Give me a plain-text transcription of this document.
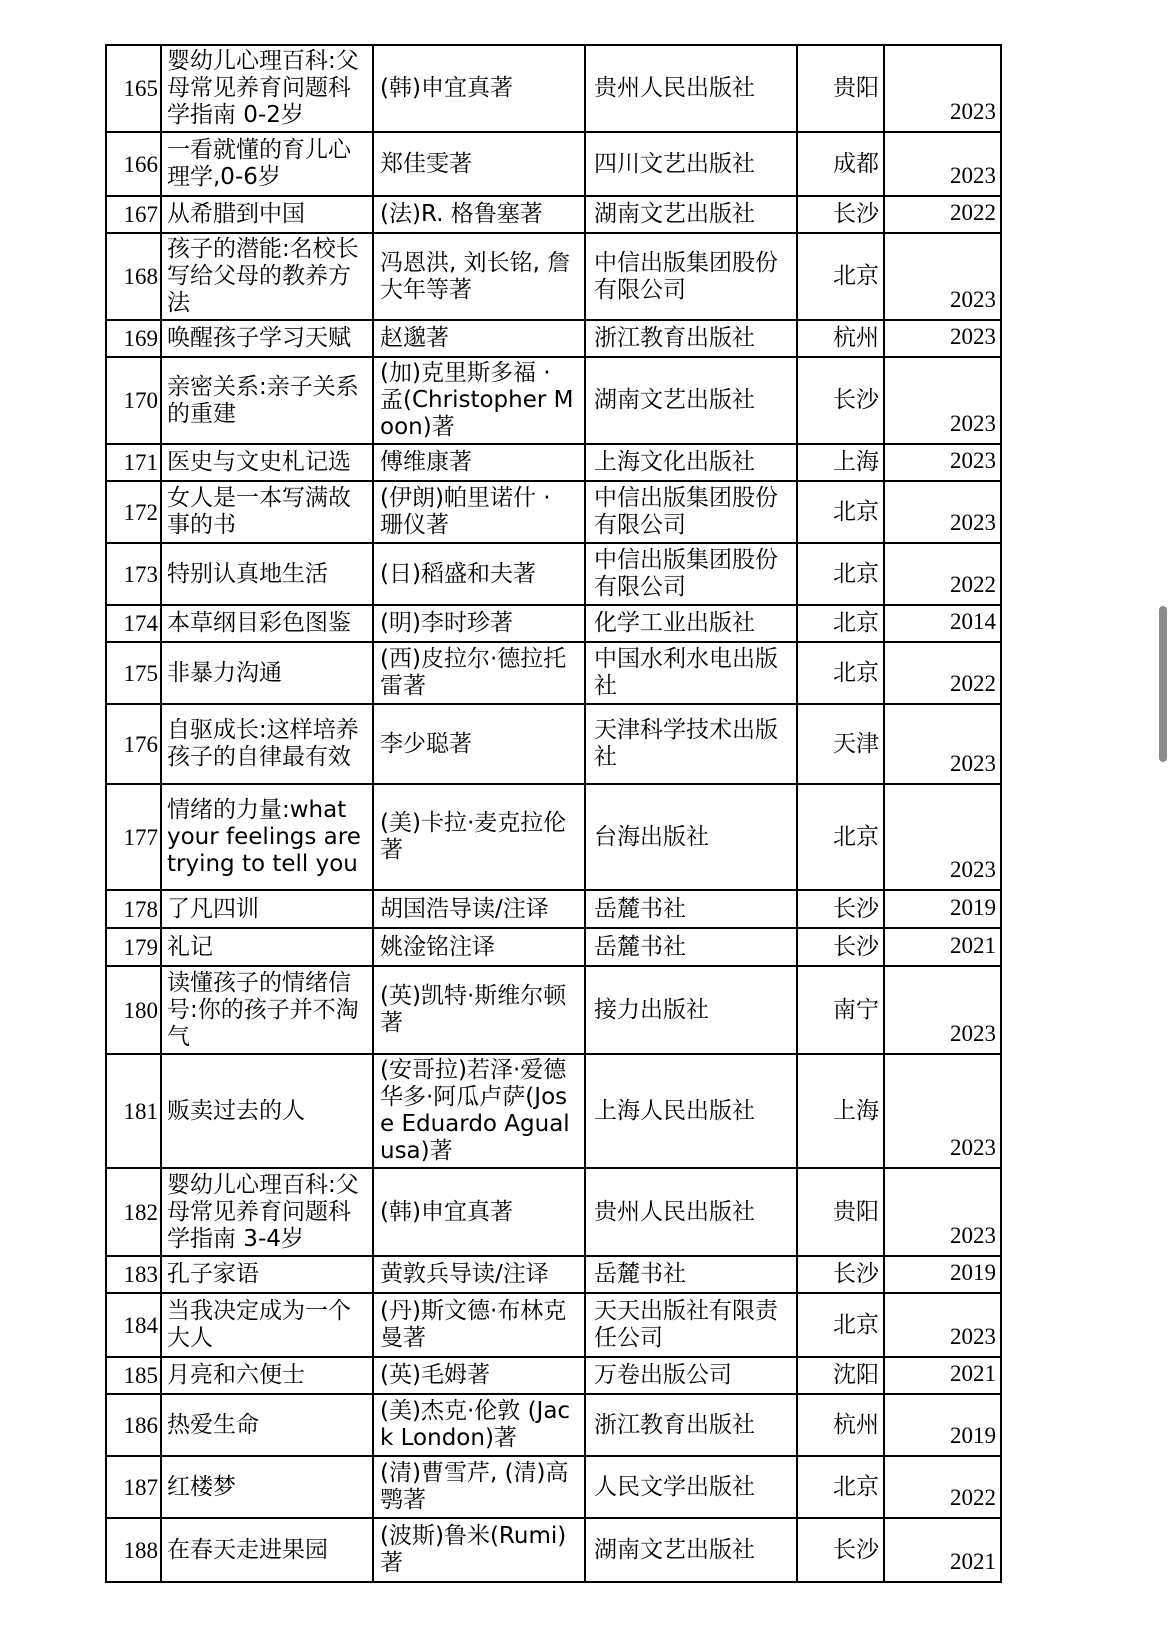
165	婴幼儿心理百科:父母常见养育问题科学指南 0-2岁	(韩)申宜真著	贵州人民出版社	贵阳	2023
166	一看就懂的育儿心理学,0-6岁	郑佳雯著	四川文艺出版社	成都	2023
167	从希腊到中国	(法)R. 格鲁塞著	湖南文艺出版社	长沙	2022
168	孩子的潜能:名校长写给父母的教养方法	冯恩洪, 刘长铭, 詹大年等著	中信出版集团股份有限公司	北京	2023
169	唤醒孩子学习天赋	赵邈著	浙江教育出版社	杭州	2023
170	亲密关系:亲子关系的重建	(加)克里斯多福 · 孟(Christopher Moon)著	湖南文艺出版社	长沙	2023
171	医史与文史札记选	傅维康著	上海文化出版社	上海	2023
172	女人是一本写满故事的书	(伊朗)帕里诺什 · 珊仪著	中信出版集团股份有限公司	北京	2023
173	特别认真地生活	(日)稻盛和夫著	中信出版集团股份有限公司	北京	2022
174	本草纲目彩色图鉴	(明)李时珍著	化学工业出版社	北京	2014
175	非暴力沟通	(西)皮拉尔·德拉托雷著	中国水利水电出版社	北京	2022
176	自驱成长:这样培养孩子的自律最有效	李少聪著	天津科学技术出版社	天津	2023
177	情绪的力量:what your feelings are trying to tell you	(美)卡拉·麦克拉伦著	台海出版社	北京	2023
178	了凡四训	胡国浩导读/注译	岳麓书社	长沙	2019
179	礼记	姚淦铭注译	岳麓书社	长沙	2021
180	读懂孩子的情绪信号:你的孩子并不淘气	(英)凯特·斯维尔顿著	接力出版社	南宁	2023
181	贩卖过去的人	(安哥拉)若泽·爱德华多·阿瓜卢萨(Jose Eduardo Agualusa)著	上海人民出版社	上海	2023
182	婴幼儿心理百科:父母常见养育问题科学指南 3-4岁	(韩)申宜真著	贵州人民出版社	贵阳	2023
183	孔子家语	黄敦兵导读/注译	岳麓书社	长沙	2019
184	当我决定成为一个大人	(丹)斯文德·布林克曼著	天天出版社有限责任公司	北京	2023
185	月亮和六便士	(英)毛姆著	万卷出版公司	沈阳	2021
186	热爱生命	(美)杰克·伦敦 (Jack London)著	浙江教育出版社	杭州	2019
187	红楼梦	(清)曹雪芹, (清)高鹗著	人民文学出版社	北京	2022
188	在春天走进果园	(波斯)鲁米(Rumi)著	湖南文艺出版社	长沙	2021
